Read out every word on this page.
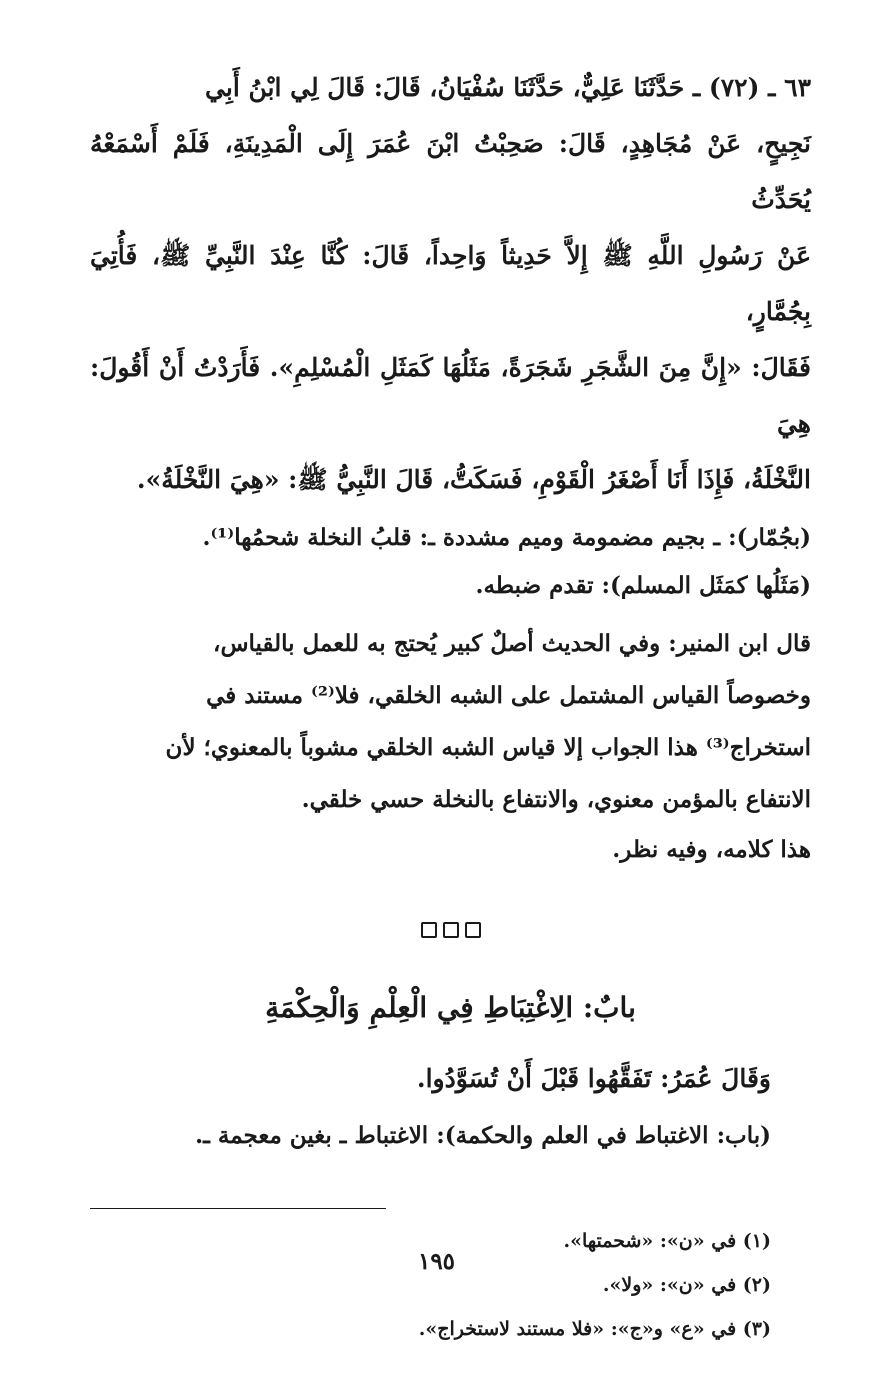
٦٣ ـ (٧٢) ـ حَدَّثَنَا عَلِيٌّ، حَدَّثَنَا سُفْيَانُ، قَالَ: قَالَ لِي ابْنُ أَبِي
نَجِيحٍ، عَنْ مُجَاهِدٍ، قَالَ: صَحِبْتُ ابْنَ عُمَرَ إِلَى الْمَدِينَةِ، فَلَمْ أَسْمَعْهُ يُحَدِّثُ
عَنْ رَسُولِ اللَّهِ ﷺ إِلاَّ حَدِيثاً وَاحِداً، قَالَ: كُنَّا عِنْدَ النَّبِيِّ ﷺ، فَأُتِيَ بِجُمَّارٍ،
فَقَالَ: «إِنَّ مِنَ الشَّجَرِ شَجَرَةً، مَثَلُهَا كَمَثَلِ الْمُسْلِمِ». فَأَرَدْتُ أَنْ أَقُولَ: هِيَ
النَّخْلَةُ، فَإِذَا أَنَا أَصْغَرُ الْقَوْمِ، فَسَكَتُّ، قَالَ النَّبِيُّ ﷺ: «هِيَ النَّخْلَةُ».

(بجُمّار): ـ بجيم مضمومة وميم مشددة ـ: قلبُ النخلة شحمُها⁽¹⁾.

(مَثَلُها كمَثَل المسلم): تقدم ضبطه.

قال ابن المنير: وفي الحديث أصلٌ كبير يُحتج به للعمل بالقياس،
وخصوصاً القياس المشتمل على الشبه الخلقي، فلا⁽²⁾ مستند في
استخراج⁽³⁾ هذا الجواب إلا قياس الشبه الخلقي مشوباً بالمعنوي؛ لأن
الانتفاع بالمؤمن معنوي، والانتفاع بالنخلة حسي خلقي.

هذا كلامه، وفيه نظر.

بابٌ: الِاغْتِبَاطِ فِي الْعِلْمِ وَالْحِكْمَةِ

وَقَالَ عُمَرُ: تَفَقَّهُوا قَبْلَ أَنْ تُسَوَّدُوا.

(باب: الاغتباط في العلم والحكمة): الاغتباط ـ بغين معجمة ـ.

(١) في «ن»: «شحمتها».
(٢) في «ن»: «ولا».
(٣) في «ع» و«ج»: «فلا مستند لاستخراج».
١٩٥
